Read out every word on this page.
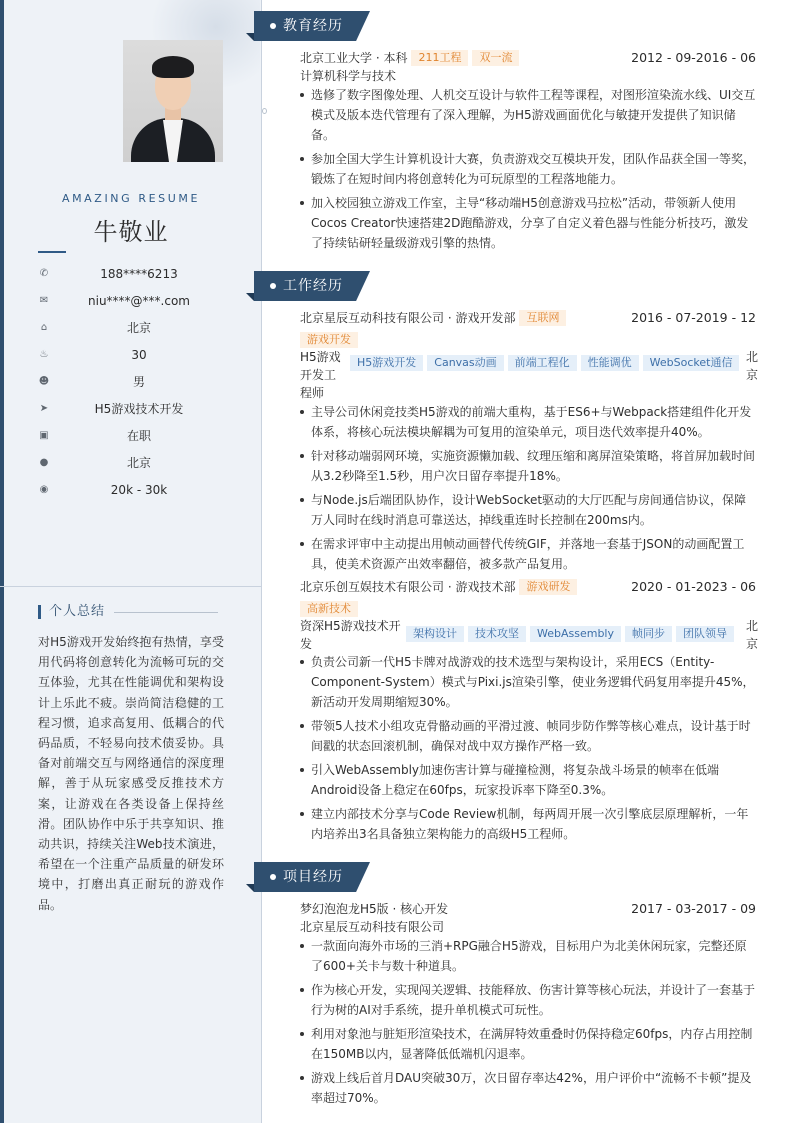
AMAZING RESUME
牛敬业
✆	188****6213
✉	niu****@***.com
⌂	北京
♨	30
☻	男
➤	H5游戏技术开发
▣	在职
●	北京
◉	20k - 30k
个人总结
对H5游戏开发始终抱有热情，享受用代码将创意转化为流畅可玩的交互体验，尤其在性能调优和架构设计上乐此不疲。崇尚简洁稳健的工程习惯，追求高复用、低耦合的代码品质，不轻易向技术债妥协。具备对前端交互与网络通信的深度理解，善于从玩家感受反推技术方案，让游戏在各类设备上保持丝滑。团队协作中乐于共享知识、推动共识，持续关注Web技术演进，希望在一个注重产品质量的研发环境中，打磨出真正耐玩的游戏作品。
教育经历
北京工业大学 · 本科 211工程 双一流	2012 - 09-2016 - 06
计算机科学与技术
选修了数字图像处理、人机交互设计与软件工程等课程，对图形渲染流水线、UI交互模式及版本迭代管理有了深入理解，为H5游戏画面优化与敏捷开发提供了知识储备。
参加全国大学生计算机设计大赛，负责游戏交互模块开发，团队作品获全国一等奖，锻炼了在短时间内将创意转化为可玩原型的工程落地能力。
加入校园独立游戏工作室，主导“移动端H5创意游戏马拉松”活动，带领新人使用Cocos Creator快速搭建2D跑酷游戏，分享了自定义着色器与性能分析技巧，激发了持续钻研轻量级游戏引擎的热情。
工作经历
北京星辰互动科技有限公司 · 游戏开发部 互联网	2016 - 07-2019 - 12
游戏开发
H5游戏
开发工
程师
H5游戏开发 Canvas动画 前端工程化 性能调优 WebSocket通信	北京
主导公司休闲竞技类H5游戏的前端大重构，基于ES6+与Webpack搭建组件化开发体系，将核心玩法模块解耦为可复用的渲染单元，项目迭代效率提升40%。
针对移动端弱网环境，实施资源懒加载、纹理压缩和离屏渲染策略，将首屏加载时间从3.2秒降至1.5秒，用户次日留存率提升18%。
与Node.js后端团队协作，设计WebSocket驱动的大厅匹配与房间通信协议，保障万人同时在线时消息可靠送达，掉线重连时长控制在200ms内。
在需求评审中主动提出用帧动画替代传统GIF，并落地一套基于JSON的动画配置工具，使美术资源产出效率翻倍，被多款产品复用。
北京乐创互娱技术有限公司 · 游戏技术部 游戏研发	2020 - 01-2023 - 06
高新技术
资深H5游戏技术开
发
架构设计 技术攻坚 WebAssembly 帧同步 团队领导
北京
负责公司新一代H5卡牌对战游戏的技术选型与架构设计，采用ECS（Entity-Component-System）模式与Pixi.js渲染引擎，使业务逻辑代码复用率提升45%，新活动开发周期缩短30%。
带领5人技术小组攻克骨骼动画的平滑过渡、帧同步防作弊等核心难点，设计基于时间戳的状态回滚机制，确保对战中双方操作严格一致。
引入WebAssembly加速伤害计算与碰撞检测，将复杂战斗场景的帧率在低端Android设备上稳定在60fps，玩家投诉率下降至0.3%。
建立内部技术分享与Code Review机制，每两周开展一次引擎底层原理解析，一年内培养出3名具备独立架构能力的高级H5工程师。
项目经历
梦幻泡泡龙H5版 · 核心开发	2017 - 03-2017 - 09
北京星辰互动科技有限公司
一款面向海外市场的三消+RPG融合H5游戏，目标用户为北美休闲玩家，完整还原了600+关卡与数十种道具。
作为核心开发，实现闯关逻辑、技能释放、伤害计算等核心玩法，并设计了一套基于行为树的AI对手系统，提升单机模式可玩性。
利用对象池与脏矩形渲染技术，在满屏特效重叠时仍保持稳定60fps，内存占用控制在150MB以内，显著降低低端机闪退率。
游戏上线后首月DAU突破30万，次日留存率达42%，用户评价中“流畅不卡顿”提及率超过70%。
